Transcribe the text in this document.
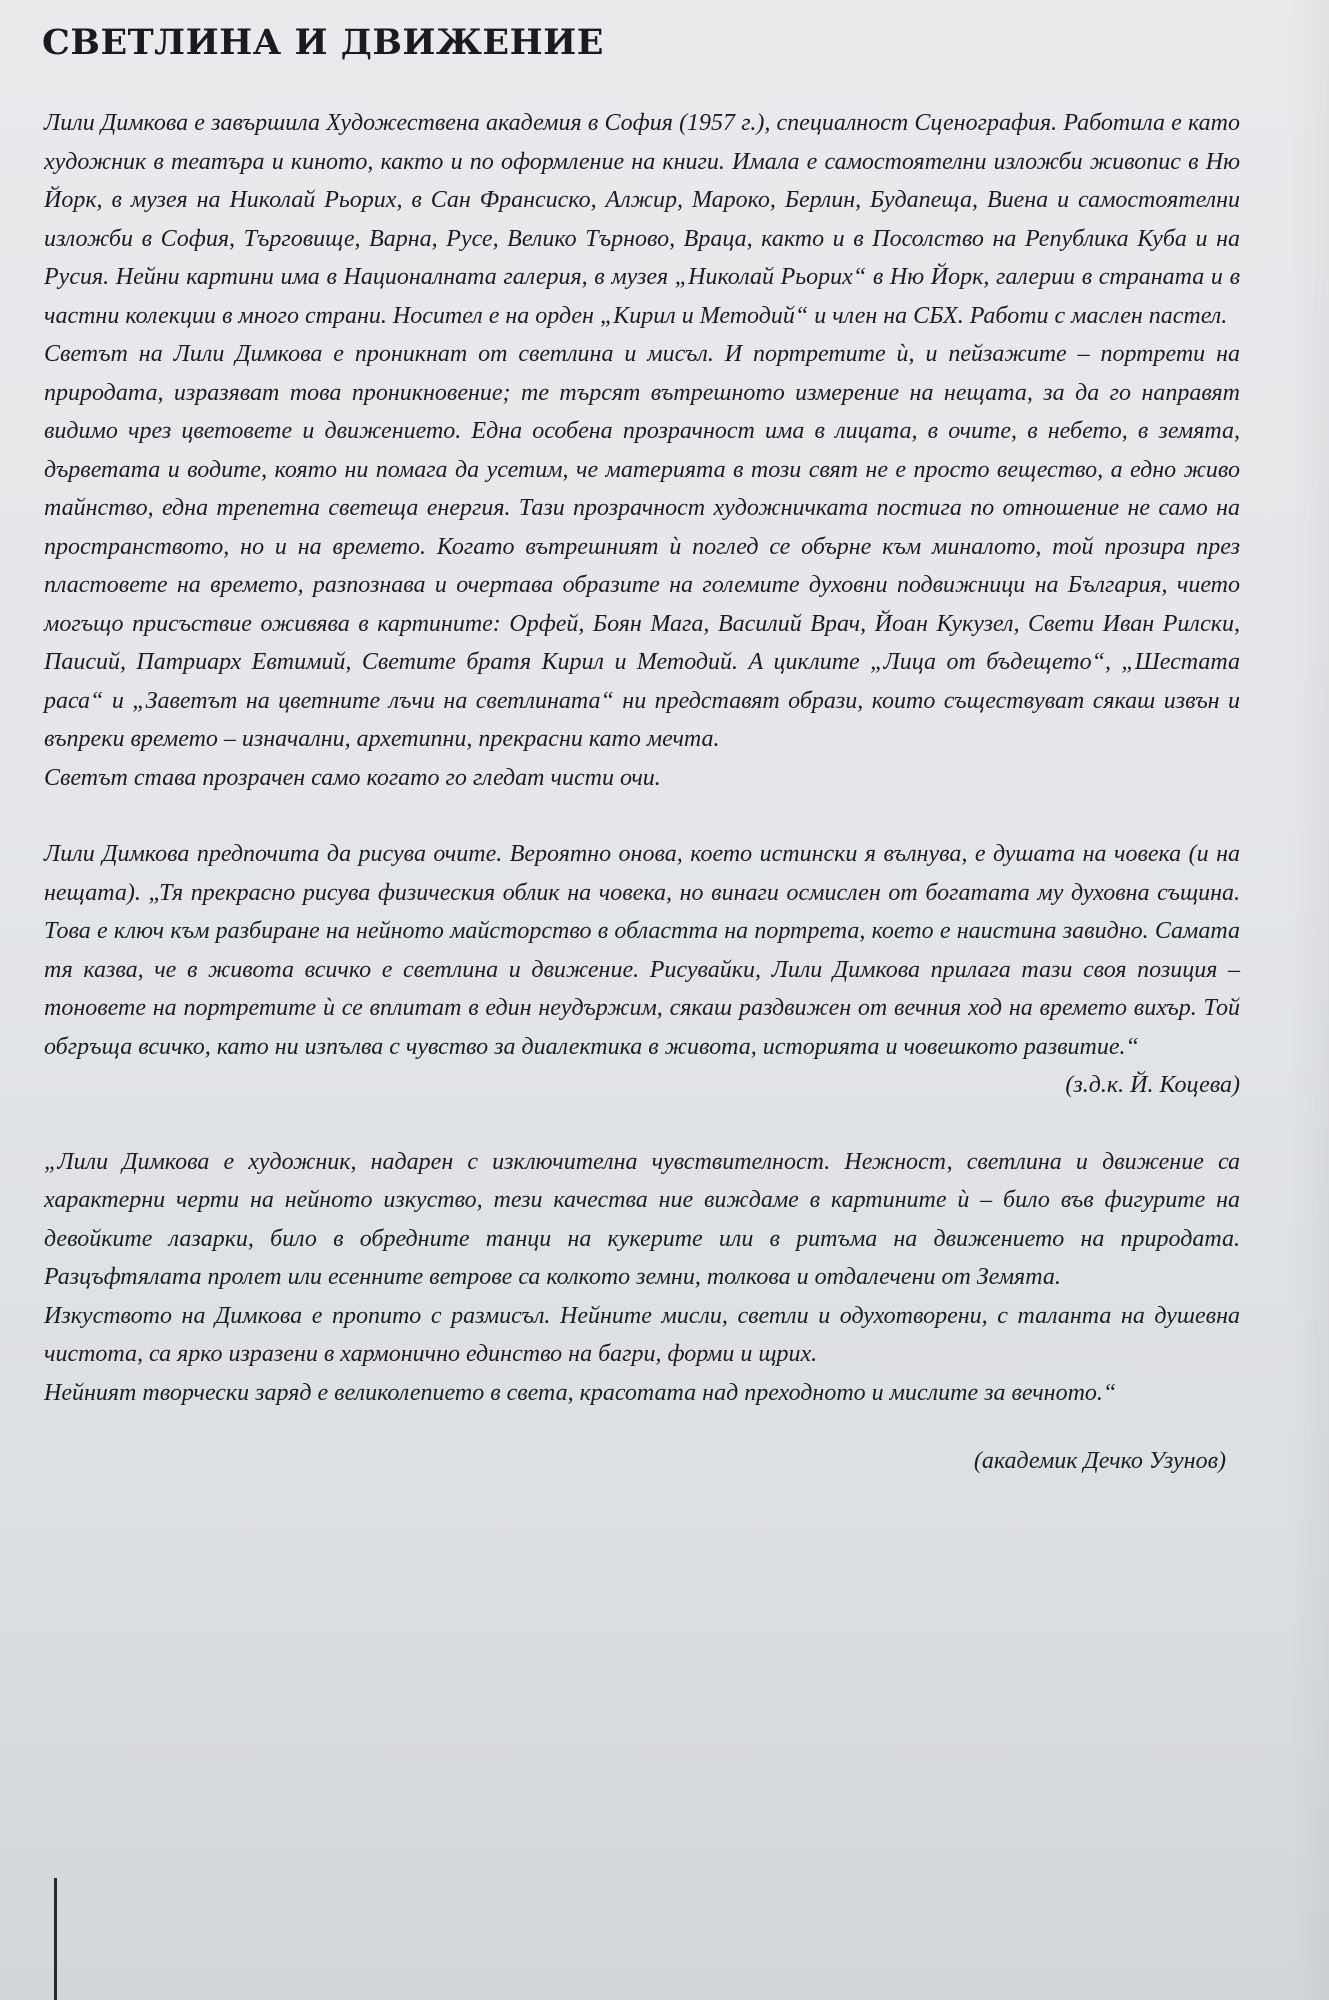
СВЕТЛИНА И ДВИЖЕНИЕ

Лили Димкова е завършила Художествена академия в София (1957 г.), специалност Сценография. Работила е като художник в театъра и киното, както и по оформление на книги. Имала е самостоятелни изложби живопис в Ню Йорк, в музея на Николай Рьорих, в Сан Франсиско, Алжир, Мароко, Берлин, Будапеща, Виена и самостоятелни изложби в София, Търговище, Варна, Русе, Велико Търново, Враца, както и в Посолство на Република Куба и на Русия. Нейни картини има в Националната галерия, в музея „Николай Рьорих“ в Ню Йорк, галерии в страната и в частни колекции в много страни. Носител е на орден „Кирил и Методий“ и член на СБХ. Работи с маслен пастел.

Светът на Лили Димкова е проникнат от светлина и мисъл. И портретите ѝ, и пейзажите – портрети на природата, изразяват това проникновение; те търсят вътрешното измерение на нещата, за да го направят видимо чрез цветовете и движението. Една особена прозрачност има в лицата, в очите, в небето, в земята, дърветата и водите, която ни помага да усетим, че материята в този свят не е просто вещество, а едно живо тайнство, една трепетна светеща енергия. Тази прозрачност художничката постига по отношение не само на пространството, но и на времето. Когато вътрешният ѝ поглед се обърне към миналото, той прозира през пластовете на времето, разпознава и очертава образите на големите духовни подвижници на България, чието могъщо присъствие оживява в картините: Орфей, Боян Мага, Василий Врач, Йоан Кукузел, Свети Иван Рилски, Паисий, Патриарх Евтимий, Светите братя Кирил и Методий. А циклите „Лица от бъдещето“, „Шестата раса“ и „Заветът на цветните лъчи на светлината“ ни представят образи, които съществуват сякаш извън и въпреки времето – изначални, архетипни, прекрасни като мечта.

Светът става прозрачен само когато го гледат чисти очи.

Лили Димкова предпочита да рисува очите. Вероятно онова, което истински я вълнува, е душата на човека (и на нещата). „Тя прекрасно рисува физическия облик на човека, но винаги осмислен от богатата му духовна същина. Това е ключ към разбиране на нейното майсторство в областта на портрета, което е наистина завидно. Самата тя казва, че в живота всичко е светлина и движение. Рисувайки, Лили Димкова прилага тази своя позиция – тоновете на портретите ѝ се вплитат в един неудържим, сякаш раздвижен от вечния ход на времето вихър. Той обгръща всичко, като ни изпълва с чувство за диалектика в живота, историята и човешкото развитие.“

(з.д.к. Й. Коцева)

„Лили Димкова е художник, надарен с изключителна чувствителност. Нежност, светлина и движение са характерни черти на нейното изкуство, тези качества ние виждаме в картините ѝ – било във фигурите на девойките лазарки, било в обредните танци на кукерите или в ритъма на движението на природата. Разцъфтялата пролет или есенните ветрове са колкото земни, толкова и отдалечени от Земята.

Изкуството на Димкова е пропито с размисъл. Нейните мисли, светли и одухотворени, с таланта на душевна чистота, са ярко изразени в хармонично единство на багри, форми и щрих.

Нейният творчески заряд е великолепието в света, красотата над преходното и мислите за вечното.“

(академик Дечко Узунов)
